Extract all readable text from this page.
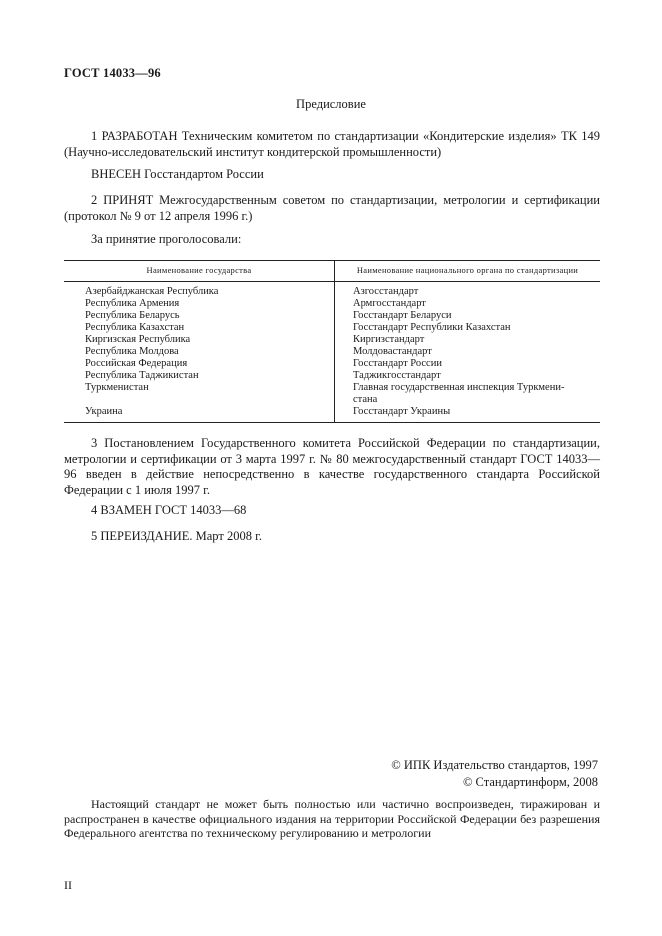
ГОСТ 14033—96
Предисловие
1 РАЗРАБОТАН Техническим комитетом по стандартизации «Кондитерские изделия» ТК 149 (Научно-исследовательский институт кондитерской промышленности)
ВНЕСЕН Госстандартом России
2 ПРИНЯТ Межгосударственным советом по стандартизации, метрологии и сертификации (протокол № 9 от 12 апреля 1996 г.)
За принятие проголосовали:
Наименование государства	Наименование национального органа по стандартизации
Азербайджанская Республика
Республика Армения
Республика Беларусь
Республика Казахстан
Киргизская Республика
Республика Молдова
Российская Федерация
Республика Таджикистан
Туркменистан

Украина
Азгосстандарт
Армгосстандарт
Госстандарт Беларуси
Госстандарт Республики Казахстан
Киргизстандарт
Молдовастандарт
Госстандарт России
Таджикгосстандарт
Главная государственная инспекция Туркмени-
стана
Госстандарт Украины
3 Постановлением Государственного комитета Российской Федерации по стандартизации, метрологии и сертификации от 3 марта 1997 г. № 80 межгосударственный стандарт ГОСТ 14033—96 введен в действие непосредственно в качестве государственного стандарта Российской Федерации с 1 июля 1997 г.
4 ВЗАМЕН ГОСТ 14033—68
5 ПЕРЕИЗДАНИЕ. Март 2008 г.
© ИПК Издательство стандартов, 1997
© Стандартинформ, 2008
Настоящий стандарт не может быть полностью или частично воспроизведен, тиражирован и распространен в качестве официального издания на территории Российской Федерации без разрешения Федерального агентства по техническому регулированию и метрологии
II
